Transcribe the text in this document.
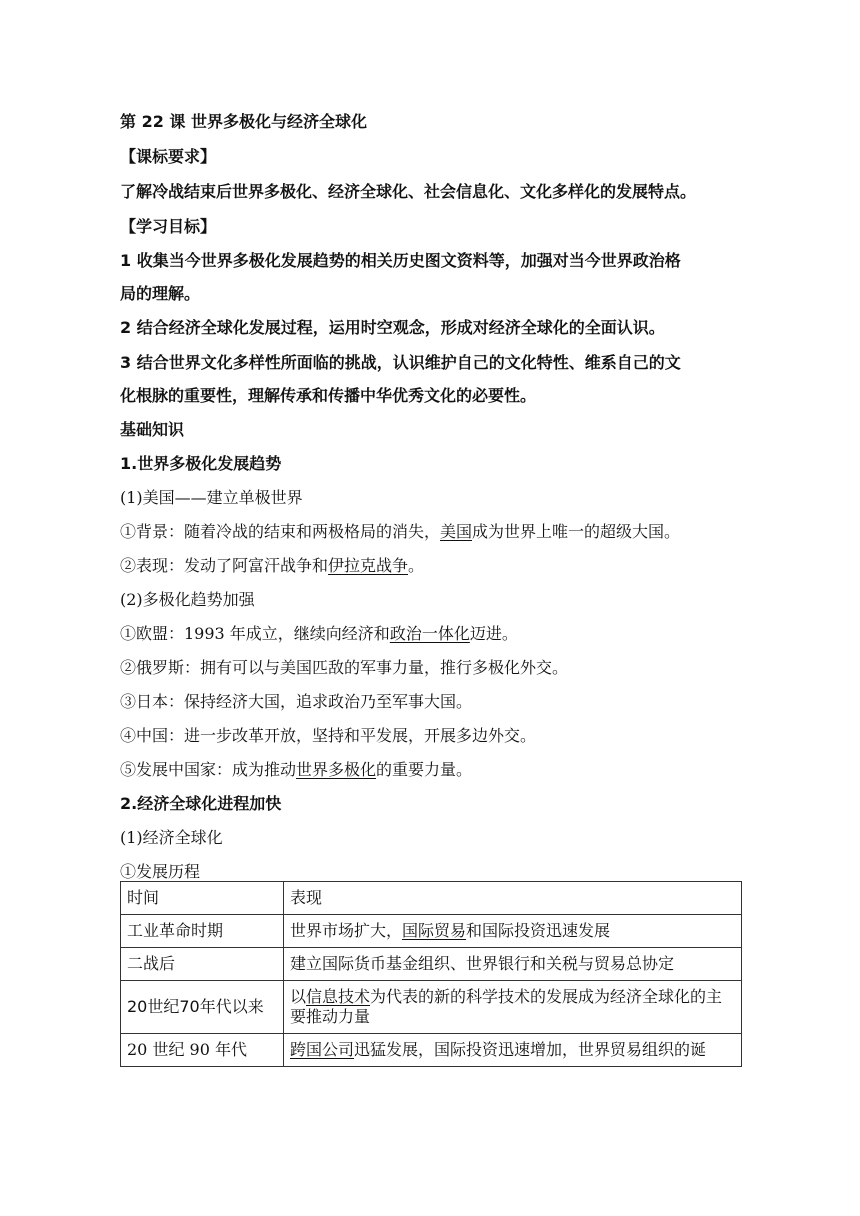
第 22 课 世界多极化与经济全球化

【课标要求】

了解冷战结束后世界多极化、经济全球化、社会信息化、文化多样化的发展特点。

【学习目标】

1 收集当今世界多极化发展趋势的相关历史图文资料等，加强对当今世界政治格

局的理解。

2 结合经济全球化发展过程，运用时空观念，形成对经济全球化的全面认识。

3 结合世界文化多样性所面临的挑战，认识维护自己的文化特性、维系自己的文

化根脉的重要性，理解传承和传播中华优秀文化的必要性。

基础知识

1.世界多极化发展趋势

(1)美国——建立单极世界

①背景：随着冷战的结束和两极格局的消失，美国成为世界上唯一的超级大国。

②表现：发动了阿富汗战争和伊拉克战争。

(2)多极化趋势加强

①欧盟：1993 年成立，继续向经济和政治一体化迈进。

②俄罗斯：拥有可以与美国匹敌的军事力量，推行多极化外交。

③日本：保持经济大国，追求政治乃至军事大国。

④中国：进一步改革开放，坚持和平发展，开展多边外交。

⑤发展中国家：成为推动世界多极化的重要力量。

2.经济全球化进程加快

(1)经济全球化

①发展历程

时间	表现
工业革命时期	世界市场扩大，国际贸易和国际投资迅速发展
二战后	建立国际货币基金组织、世界银行和关税与贸易总协定
20世纪70年代以来	以信息技术为代表的新的科学技术的发展成为经济全球化的主要推动力量
20 世纪 90 年代	跨国公司迅猛发展，国际投资迅速增加，世界贸易组织的诞
